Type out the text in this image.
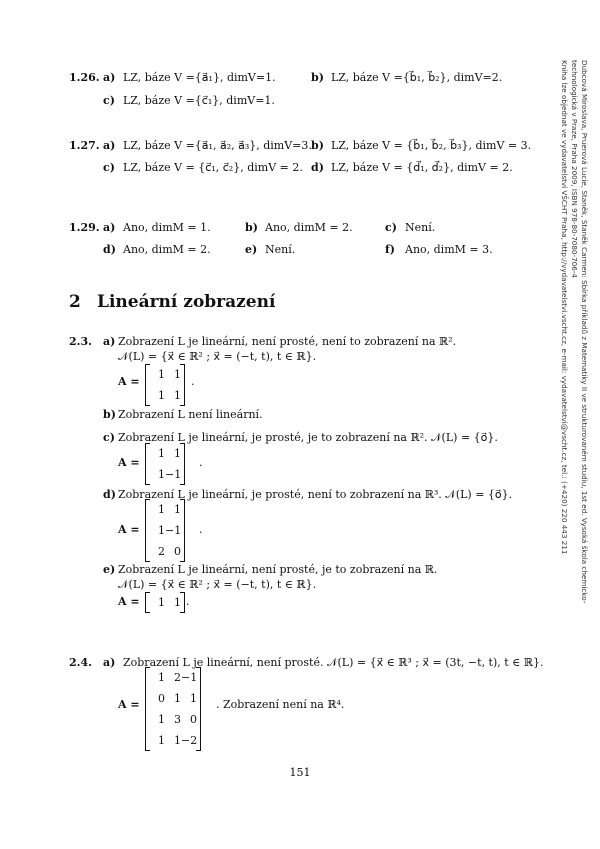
1.26. a) LZ, báze V ={a⃗₁}, dimV=1.	b) LZ, báze V ={b⃗₁, b⃗₂}, dimV=2.
c) LZ, báze V ={c⃗₁}, dimV=1.
1.27. a) LZ, báze V ={a⃗₁, a⃗₂, a⃗₃}, dimV=3. b) LZ, báze V = {b⃗₁, b⃗₂, b⃗₃}, dimV = 3.
c) LZ, báze V = {c⃗₁, c⃗₂}, dimV = 2. d) LZ, báze V = {d⃗₁, d⃗₂}, dimV = 2.
1.29. a) Ano, dimM = 1.	b) Ano, dimM = 2.	c) Není.
d) Ano, dimM = 2.	e) Není.	f) Ano, dimM = 3.
2 Lineární zobrazení
2.3. a) Zobrazení L je lineární, není prosté, není to zobrazení na ℝ².
𝒩(L) = {x⃗ ∈ ℝ² ; x⃗ = (−t, t), t ∈ ℝ}.
A =
1 1
1 1
.
b) Zobrazení L není lineární.
c) Zobrazení L je lineární, je prosté, je to zobrazení na ℝ². 𝒩(L) = {o⃗}.
A =
1 1
1 −1
.
d) Zobrazení L je lineární, je prosté, není to zobrazení na ℝ³. 𝒩(L) = {o⃗}.
A =
1 1
1 −1
2 0
.
e) Zobrazení L je lineární, není prosté, je to zobrazení na ℝ.
𝒩(L) = {x⃗ ∈ ℝ² ; x⃗ = (−t, t), t ∈ ℝ}.
A =	1 1 .
2.4. a) Zobrazení L je lineární, není prosté. 𝒩(L) = {x⃗ ∈ ℝ³ ; x⃗ = (3t, −t, t), t ∈ ℝ}.
A =
1 2 −1
0 1 1
1 3 0
1 1 −2
. Zobrazení není na ℝ⁴.
151
Dubcová Miroslava, Pruerová Lucie, Staněk, Staněk Carmen: Sbírka příkladů z Matematiky II ve strukturovaném studiu, 1st ed. Vysoká škola chemicko-technologická v Praze, Praha 2009, ISBN 978-80-7080-706-4
Kniha lze objednat ve vydavatelství VŠCHT Praha, http://vydavatelstvi.vscht.cz, e-mail: vydavatelstvi@vscht.cz, tel.: (+420) 220 443 211
